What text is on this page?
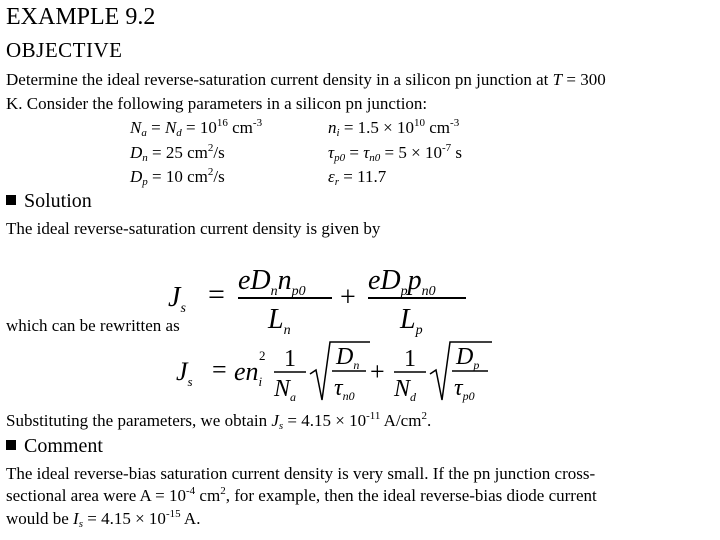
EXAMPLE 9.2
OBJECTIVE
Determine the ideal reverse-saturation current density in a silicon pn junction at T = 300
K. Consider the following parameters in a silicon pn junction:
$N_a = N_d = 10^{16}$ $cm^{-3}$
$D_n = 25$ $cm^2/s$
$D_p = 10$ $cm^2/s$
$n_i = 1.5 \times 10^{10}$ $cm^{-3}$
$\tau_{p0} = \tau_{n0} = 5 \times 10^{-7}$ s
$\varepsilon_r = 11.7$
Solution
The ideal reverse-saturation current density is given by
$J_s = eD_nn_{p0}$
$L_n$
+
$eD_pp_{n0}$
$L_p$
which can be rewritten as
$J_s = en_i$
2 1
$N_a$
$D_n$
$\tau_{n0}$
+ 1
$N_d$
$D_p$
$\tau_{p0}$
Substituting the parameters, we obtain $J_s = 4.15 \times 10^{-11}$ $A/cm^2$.
Comment
The ideal reverse-bias saturation current density is very small. If the pn junction cross-
sectional area were $A = 10^{-4}$ $cm^2$, for example, then the ideal reverse-bias diode current
would be $I_s = 4.15 \times 10^{-15}$ A.
